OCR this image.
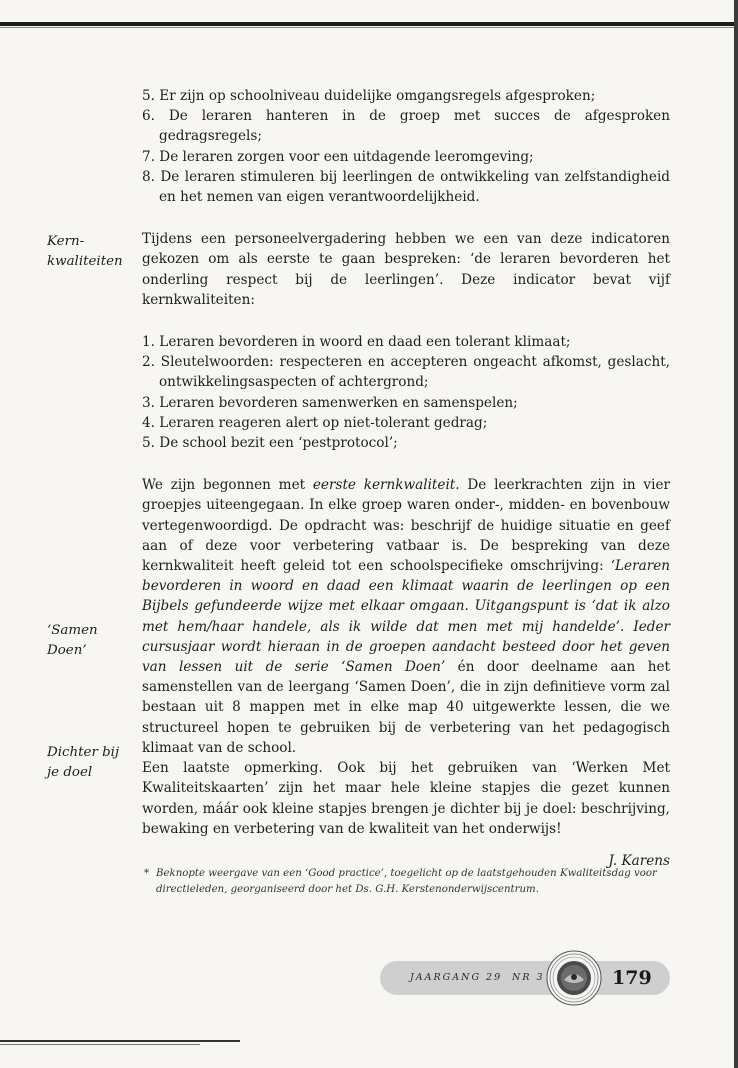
Kern-
kwaliteiten
‘Samen
Doen’
Dichter bij
je doel
5. Er zijn op schoolniveau duidelijke omgangsregels afgesproken;
6. De leraren hanteren in de groep met succes de afgesproken gedragsregels;
7. De leraren zorgen voor een uitdagende leeromgeving;
8. De leraren stimuleren bij leerlingen de ontwikkeling van zelfstandigheid en het nemen van eigen verantwoordelijkheid.

Tijdens een personeelvergadering hebben we een van deze indicatoren gekozen om als eerste te gaan bespreken: ‘de leraren bevorderen het onderling respect bij de leerlingen’. Deze indicator bevat vijf kernkwaliteiten:

1. Leraren bevorderen in woord en daad een tolerant klimaat;
2. Sleutelwoorden: respecteren en accepteren ongeacht afkomst, geslacht, ontwikkelingsaspecten of achtergrond;
3. Leraren bevorderen samenwerken en samenspelen;
4. Leraren reageren alert op niet-tolerant gedrag;
5. De school bezit een ‘pestprotocol’;

We zijn begonnen met eerste kernkwaliteit. De leerkrachten zijn in vier groepjes uiteengegaan. In elke groep waren onder-, midden- en bovenbouw vertegenwoordigd. De opdracht was: beschrijf de huidige situatie en geef aan of deze voor verbetering vatbaar is. De bespreking van deze kernkwaliteit heeft geleid tot een schoolspecifieke omschrijving: ‘Leraren bevorderen in woord en daad een klimaat waarin de leerlingen op een Bijbels gefundeerde wijze met elkaar omgaan. Uitgangspunt is ‘dat ik alzo met hem/haar handele, als ik wilde dat men met mij handelde’. Ieder cursusjaar wordt hieraan in de groepen aandacht besteed door het geven van lessen uit de serie ‘Samen Doen’ én door deelname aan het samenstellen van de leergang ‘Samen Doen’, die in zijn definitieve vorm zal bestaan uit 8 mappen met in elke map 40 uitgewerkte lessen, die we structureel hopen te gebruiken bij de verbetering van het pedagogisch klimaat van de school.

Een laatste opmerking. Ook bij het gebruiken van ‘Werken Met Kwaliteitskaarten’ zijn het maar hele kleine stapjes die gezet kunnen worden, máár ook kleine stapjes brengen je dichter bij je doel: beschrijving, bewaking en verbetering van de kwaliteit van het onderwijs!

J. Karens
* Beknopte weergave van een ‘Good practice’, toegelicht op de laatstgehouden Kwaliteitsdag voor directieleden, georganiseerd door het Ds. G.H. Kerstenonderwijscentrum.
JAARGANG 29 NR 3	179
